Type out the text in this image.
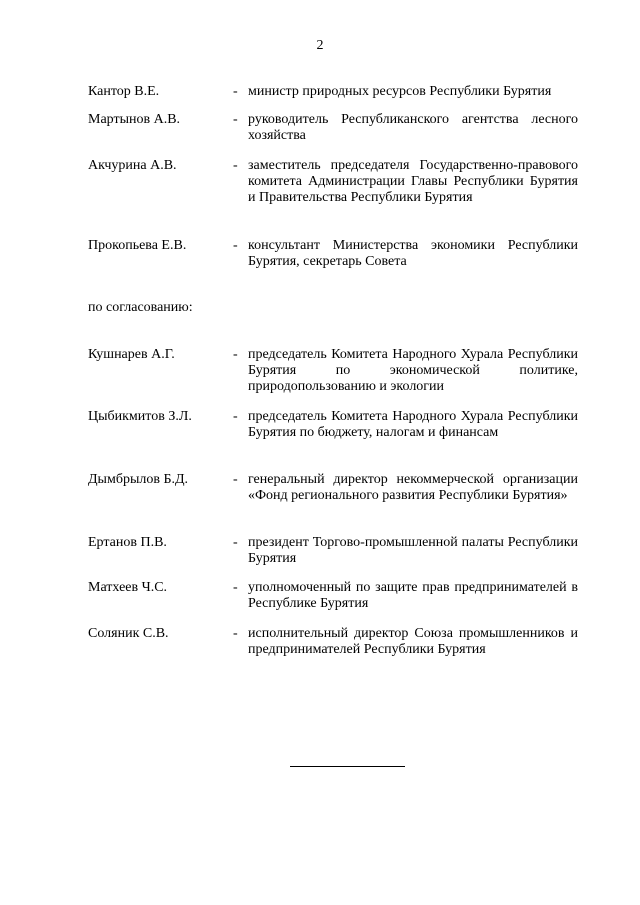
2
Кантор В.Е.	- министр природных ресурсов Республики Бурятия
Мартынов А.В.	- руководитель Республиканского агентства лесного хозяйства
Акчурина А.В.	- заместитель председателя Государственно-правового комитета Администрации Главы Республики Бурятия и Правительства Республики Бурятия
Прокопьева Е.В.	- консультант Министерства экономики Республики Бурятия, секретарь Совета
по согласованию:
Кушнарев А.Г.	- председатель Комитета Народного Хурала Республики Бурятия по экономической политике, природопользованию и экологии
Цыбикмитов З.Л.	- председатель Комитета Народного Хурала Республики Бурятия по бюджету, налогам и финансам
Дымбрылов Б.Д.	- генеральный директор некоммерческой организации «Фонд регионального развития Республики Бурятия»
Ертанов П.В.	- президент Торгово-промышленной палаты Республики Бурятия
Матхеев Ч.С.	- уполномоченный по защите прав предпринимателей в Республике Бурятия
Соляник С.В.	- исполнительный директор Союза промышленников и предпринимателей Республики Бурятия
